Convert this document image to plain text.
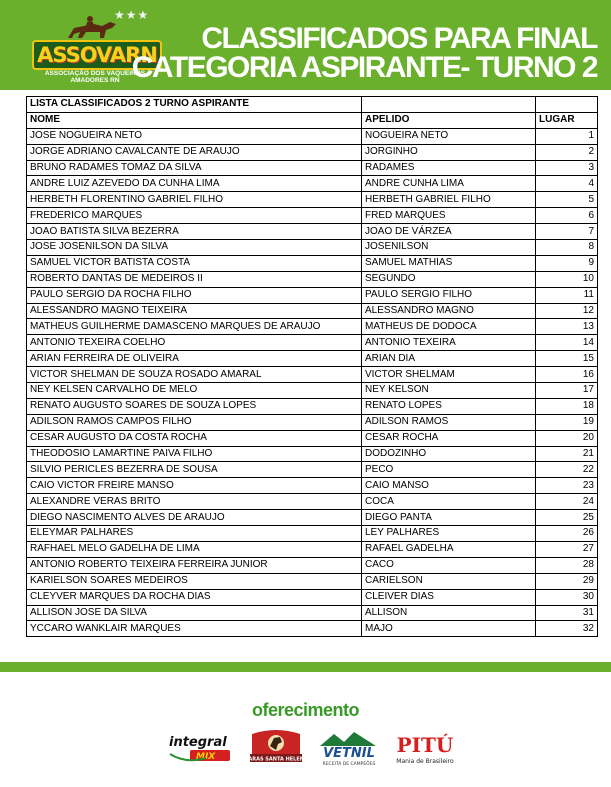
★★★
ASSOVARN
ASSOCIAÇÃO DOS VAQUEIROS AMADORES RN
CLASSIFICADOS PARA FINAL
CATEGORIA ASPIRANTE- TURNO 2
LISTA CLASSIFICADOS 2 TURNO ASPIRANTE		
NOME	APELIDO	LUGAR
JOSE NOGUEIRA NETO	NOGUEIRA NETO	1
JORGE ADRIANO CAVALCANTE DE ARAUJO	JORGINHO	2
BRUNO RADAMES TOMAZ DA SILVA	RADAMES	3
ANDRE LUIZ AZEVEDO DA CUNHA LIMA	ANDRE CUNHA LIMA	4
HERBETH FLORENTINO GABRIEL FILHO	HERBETH GABRIEL FILHO	5
FREDERICO MARQUES	FRED MARQUES	6
JOAO BATISTA SILVA BEZERRA	JOAO DE VÁRZEA	7
JOSE JOSENILSON DA SILVA	JOSENILSON	8
SAMUEL VICTOR BATISTA COSTA	SAMUEL MATHIAS	9
ROBERTO DANTAS DE MEDEIROS II	SEGUNDO	10
PAULO SERGIO DA ROCHA FILHO	PAULO SERGIO FILHO	11
ALESSANDRO MAGNO TEIXEIRA	ALESSANDRO MAGNO	12
MATHEUS GUILHERME DAMASCENO MARQUES DE ARAUJO	MATHEUS DE DODOCA	13
ANTONIO TEXEIRA COELHO	ANTONIO TEXEIRA	14
ARIAN FERREIRA DE OLIVEIRA	ARIAN DIA	15
VICTOR SHELMAN DE SOUZA ROSADO AMARAL	VICTOR SHELMAM	16
NEY KELSEN CARVALHO DE MELO	NEY KELSON	17
RENATO AUGUSTO SOARES DE SOUZA LOPES	RENATO LOPES	18
ADILSON RAMOS CAMPOS FILHO	ADILSON RAMOS	19
CESAR AUGUSTO DA COSTA ROCHA	CESAR ROCHA	20
THEODOSIO LAMARTINE PAIVA FILHO	DODOZINHO	21
SILVIO PERICLES BEZERRA DE SOUSA	PECO	22
CAIO VICTOR FREIRE MANSO	CAIO MANSO	23
ALEXANDRE VERAS BRITO	COCA	24
DIEGO NASCIMENTO ALVES DE ARAUJO	DIEGO PANTA	25
ELEYMAR PALHARES	LEY PALHARES	26
RAFHAEL MELO GADELHA DE LIMA	RAFAEL GADELHA	27
ANTONIO ROBERTO TEIXEIRA FERREIRA JUNIOR	CACO	28
KARIELSON SOARES MEDEIROS	CARIELSON	29
CLEYVER MARQUES DA ROCHA DIAS	CLEIVER DIAS	30
ALLISON JOSE DA SILVA	ALLISON	31
YCCARO WANKLAIR MARQUES	MAJO	32
oferecimento
integral
MIX	HARAS SANTA HELENA VETNIL
RECEITA DE CAMPEÕES
PITÚ
Mania de Brasileiro
